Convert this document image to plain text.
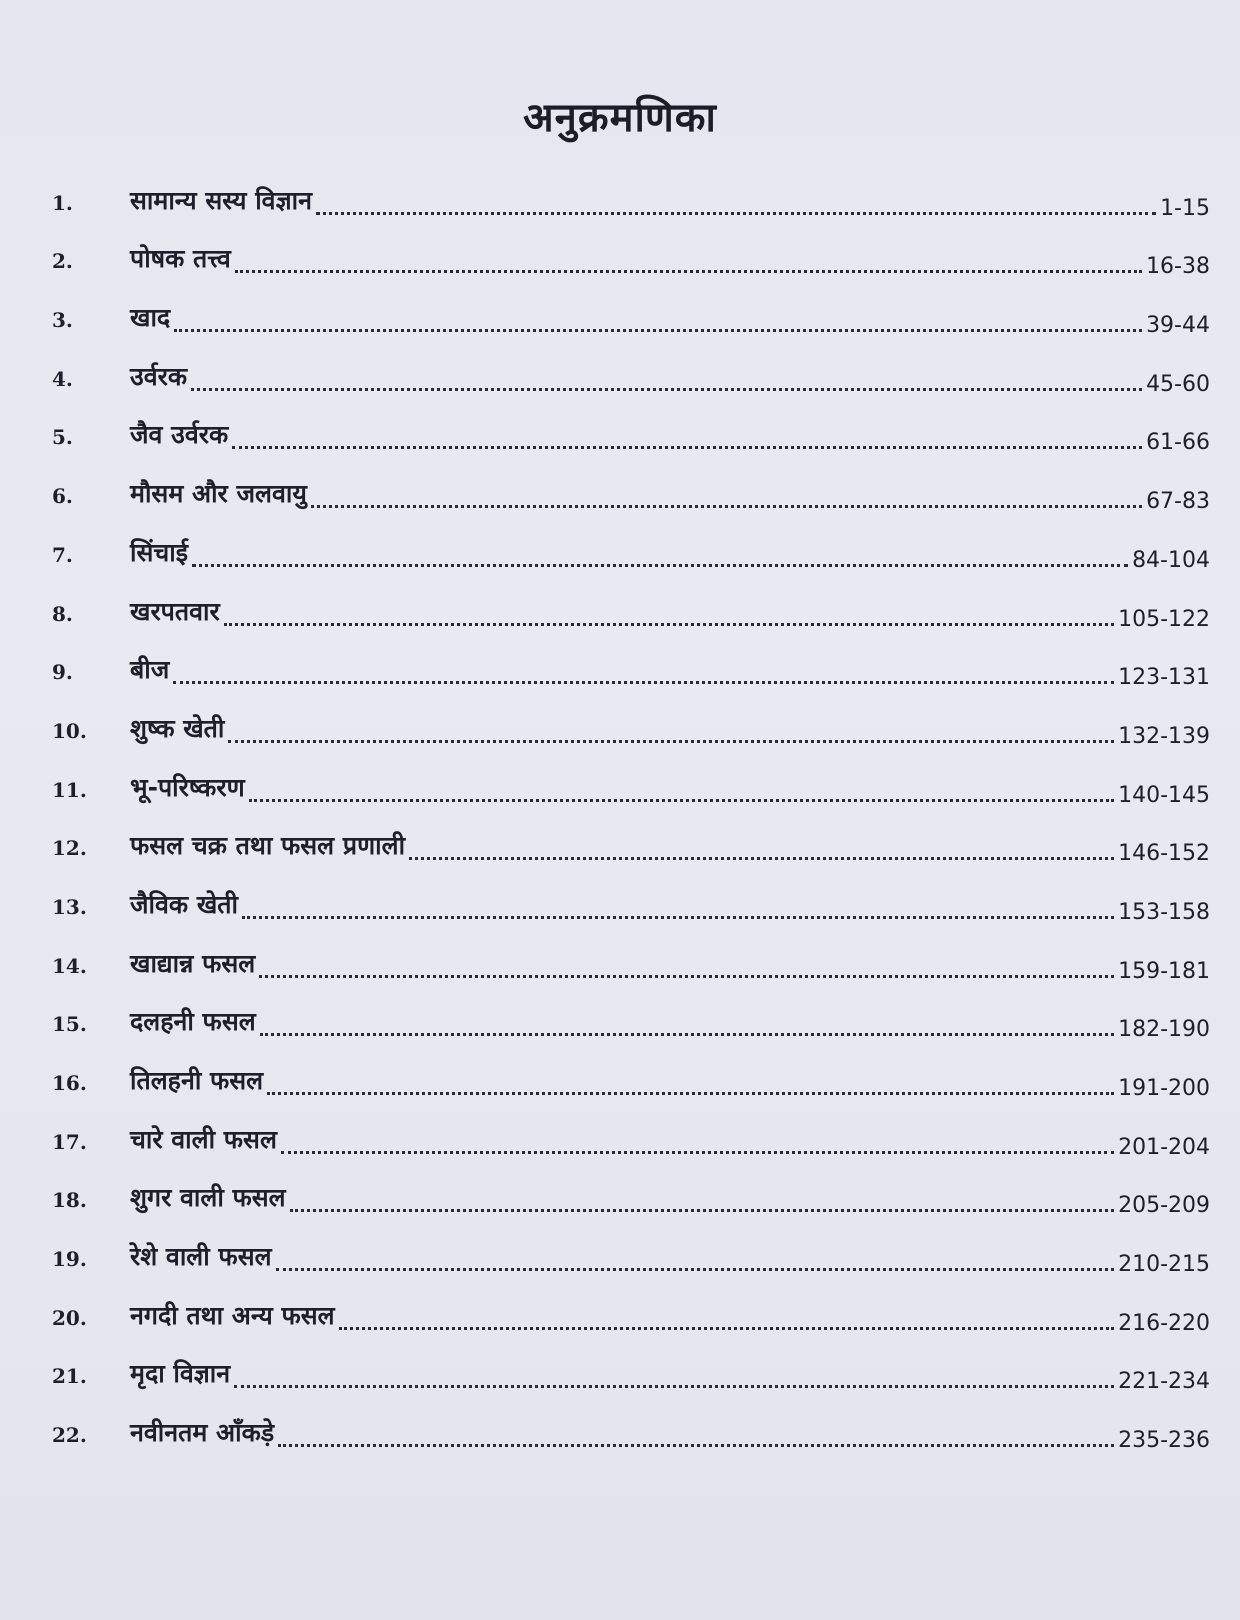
अनुक्रमणिका
1.	सामान्य सस्य विज्ञान	1-15
2.	पोषक तत्त्व	16-38
3.	खाद	39-44
4.	उर्वरक	45-60
5.	जैव उर्वरक	61-66
6.	मौसम और जलवायु	67-83
7.	सिंचाई	84-104
8.	खरपतवार	105-122
9.	बीज	123-131
10.	शुष्क खेती	132-139
11.	भू-परिष्करण	140-145
12.	फसल चक्र तथा फसल प्रणाली	146-152
13.	जैविक खेती	153-158
14.	खाद्यान्न फसल	159-181
15.	दलहनी फसल	182-190
16.	तिलहनी फसल	191-200
17.	चारे वाली फसल	201-204
18.	शुगर वाली फसल	205-209
19.	रेशे वाली फसल	210-215
20.	नगदी तथा अन्य फसल	216-220
21.	मृदा विज्ञान	221-234
22.	नवीनतम आँकड़े	235-236
